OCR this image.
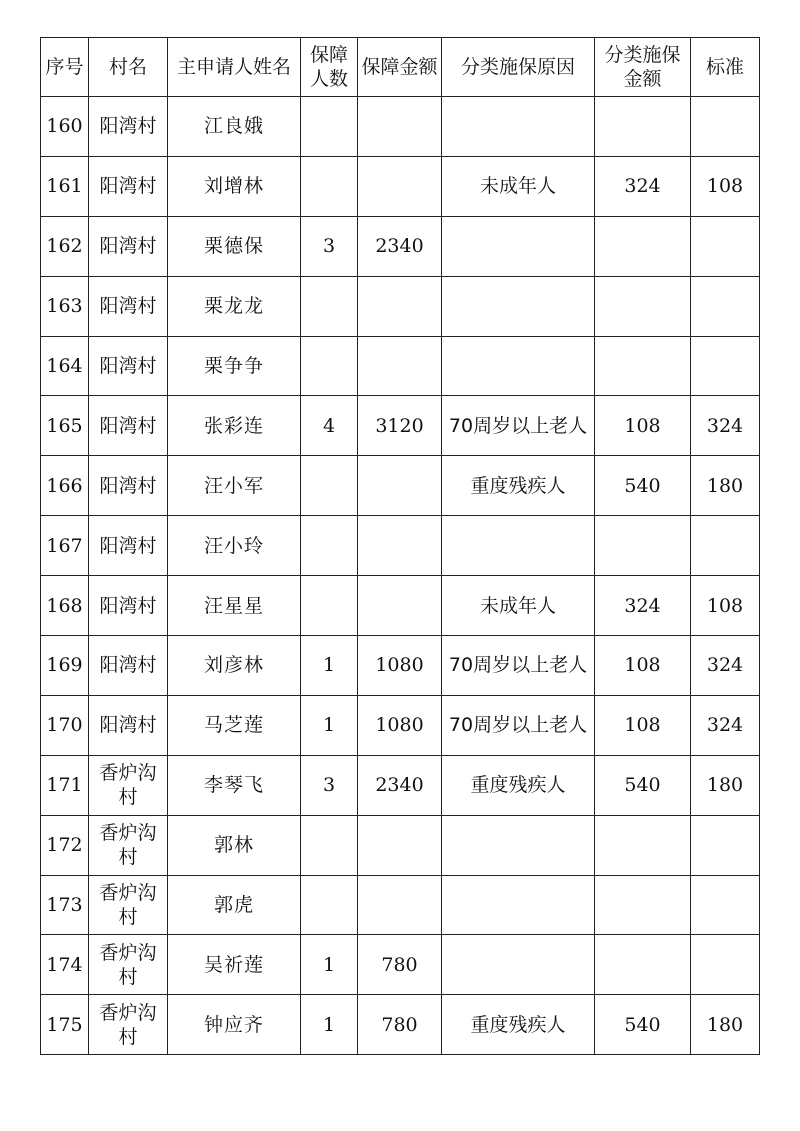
序号	村名	主申请人姓名	保障人数	保障金额	分类施保原因	分类施保金额	标准
160	阳湾村	江良娥					
161	阳湾村	刘增林			未成年人	324	108
162	阳湾村	栗德保	3	2340			
163	阳湾村	栗龙龙					
164	阳湾村	栗争争					
165	阳湾村	张彩连	4	3120	70周岁以上老人	108	324
166	阳湾村	汪小军			重度残疾人	540	180
167	阳湾村	汪小玲					
168	阳湾村	汪星星			未成年人	324	108
169	阳湾村	刘彦林	1	1080	70周岁以上老人	108	324
170	阳湾村	马芝莲	1	1080	70周岁以上老人	108	324
171	香炉沟村	李琴飞	3	2340	重度残疾人	540	180
172	香炉沟村	郭林					
173	香炉沟村	郭虎					
174	香炉沟村	吴祈莲	1	780			
175	香炉沟村	钟应齐	1	780	重度残疾人	540	180
